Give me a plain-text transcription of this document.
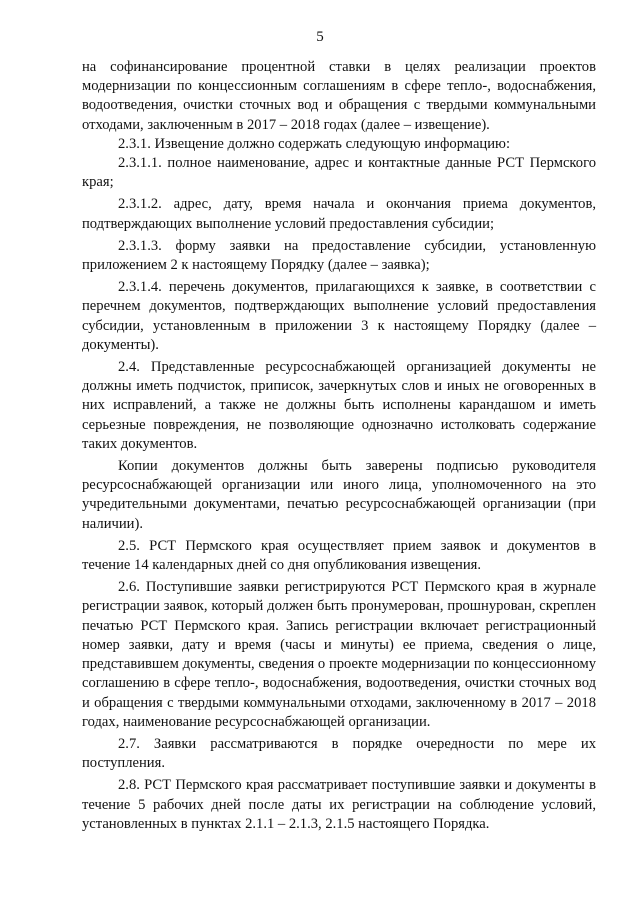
5

на софинансирование процентной ставки в целях реализации проектов модернизации по концессионным соглашениям в сфере тепло-, водоснабжения, водоотведения, очистки сточных вод и обращения с твердыми коммунальными отходами, заключенным в 2017 – 2018 годах (далее – извещение).

2.3.1. Извещение должно содержать следующую информацию:

2.3.1.1. полное наименование, адрес и контактные данные РСТ Пермского края;

2.3.1.2. адрес, дату, время начала и окончания приема документов, подтверждающих выполнение условий предоставления субсидии;

2.3.1.3. форму заявки на предоставление субсидии, установленную приложением 2 к настоящему Порядку (далее – заявка);

2.3.1.4. перечень документов, прилагающихся к заявке, в соответствии с перечнем документов, подтверждающих выполнение условий предоставления субсидии, установленным в приложении 3 к настоящему Порядку (далее – документы).

2.4. Представленные ресурсоснабжающей организацией документы не должны иметь подчисток, приписок, зачеркнутых слов и иных не оговоренных в них исправлений, а также не должны быть исполнены карандашом и иметь серьезные повреждения, не позволяющие однозначно истолковать содержание таких документов.

Копии документов должны быть заверены подписью руководителя ресурсоснабжающей организации или иного лица, уполномоченного на это учредительными документами, печатью ресурсоснабжающей организации (при наличии).

2.5. РСТ Пермского края осуществляет прием заявок и документов в течение 14 календарных дней со дня опубликования извещения.

2.6. Поступившие заявки регистрируются РСТ Пермского края в журнале регистрации заявок, который должен быть пронумерован, прошнурован, скреплен печатью РСТ Пермского края. Запись регистрации включает регистрационный номер заявки, дату и время (часы и минуты) ее приема, сведения о лице, представившем документы, сведения о проекте модернизации по концессионному соглашению в сфере тепло-, водоснабжения, водоотведения, очистки сточных вод и обращения с твердыми коммунальными отходами, заключенному в 2017 – 2018 годах, наименование ресурсоснабжающей организации.

2.7. Заявки рассматриваются в порядке очередности по мере их поступления.

2.8. РСТ Пермского края рассматривает поступившие заявки и документы в течение 5 рабочих дней после даты их регистрации на соблюдение условий, установленных в пунктах 2.1.1 – 2.1.3, 2.1.5 настоящего Порядка.
